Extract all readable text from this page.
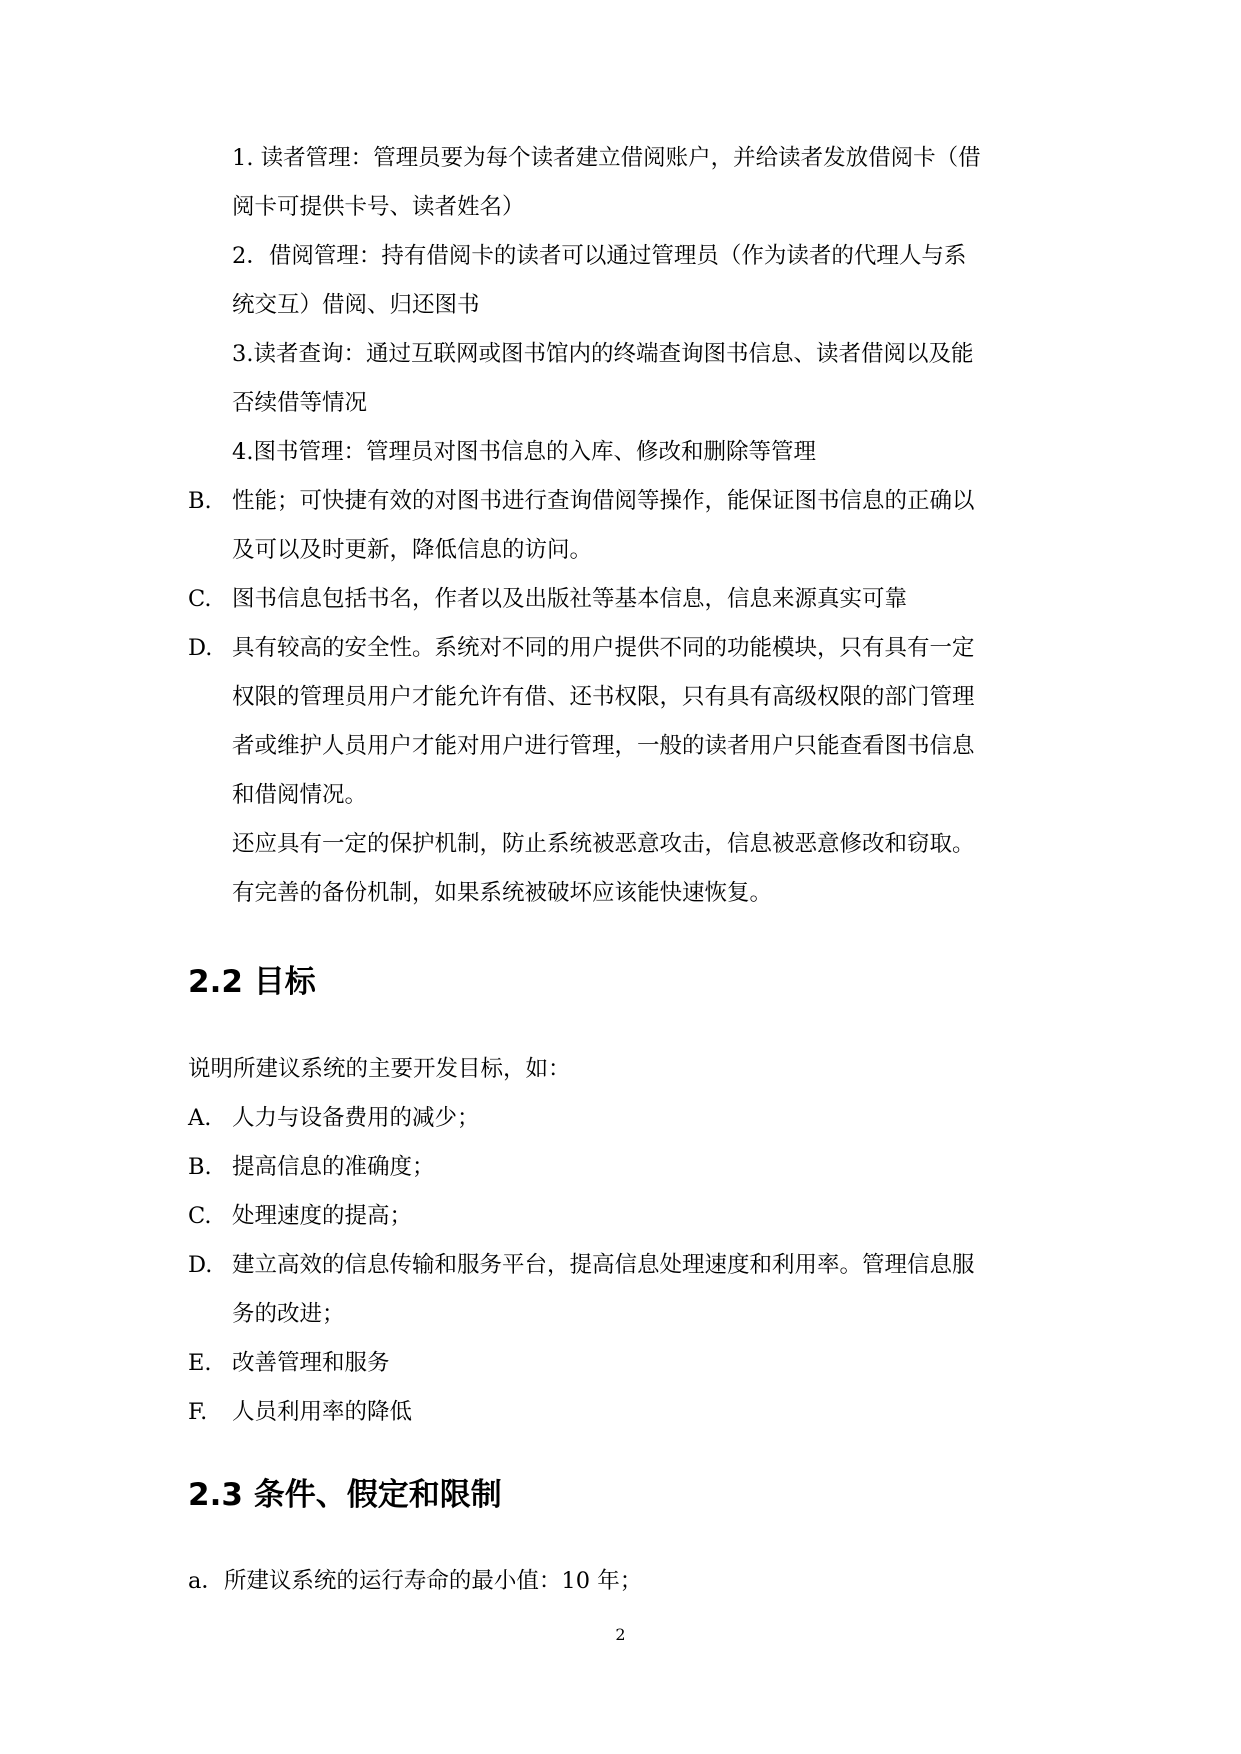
1. 读者管理：管理员要为每个读者建立借阅账户，并给读者发放借阅卡（借
阅卡可提供卡号、读者姓名）
2．借阅管理：持有借阅卡的读者可以通过管理员（作为读者的代理人与系
统交互）借阅、归还图书
3.读者查询：通过互联网或图书馆内的终端查询图书信息、读者借阅以及能
否续借等情况
4.图书管理：管理员对图书信息的入库、修改和删除等管理
B. 性能；可快捷有效的对图书进行查询借阅等操作，能保证图书信息的正确以
及可以及时更新，降低信息的访问。
C. 图书信息包括书名，作者以及出版社等基本信息，信息来源真实可靠
D. 具有较高的安全性。系统对不同的用户提供不同的功能模块，只有具有一定
权限的管理员用户才能允许有借、还书权限，只有具有高级权限的部门管理
者或维护人员用户才能对用户进行管理，一般的读者用户只能查看图书信息
和借阅情况。
还应具有一定的保护机制，防止系统被恶意攻击，信息被恶意修改和窃取。
有完善的备份机制，如果系统被破坏应该能快速恢复。
2.2 目标
说明所建议系统的主要开发目标，如：
A. 人力与设备费用的减少；
B. 提高信息的准确度；
C. 处理速度的提高；
D. 建立高效的信息传输和服务平台，提高信息处理速度和利用率。管理信息服
务的改进；
E. 改善管理和服务
F. 人员利用率的降低
2.3 条件、假定和限制
a．所建议系统的运行寿命的最小值：10 年；
2
